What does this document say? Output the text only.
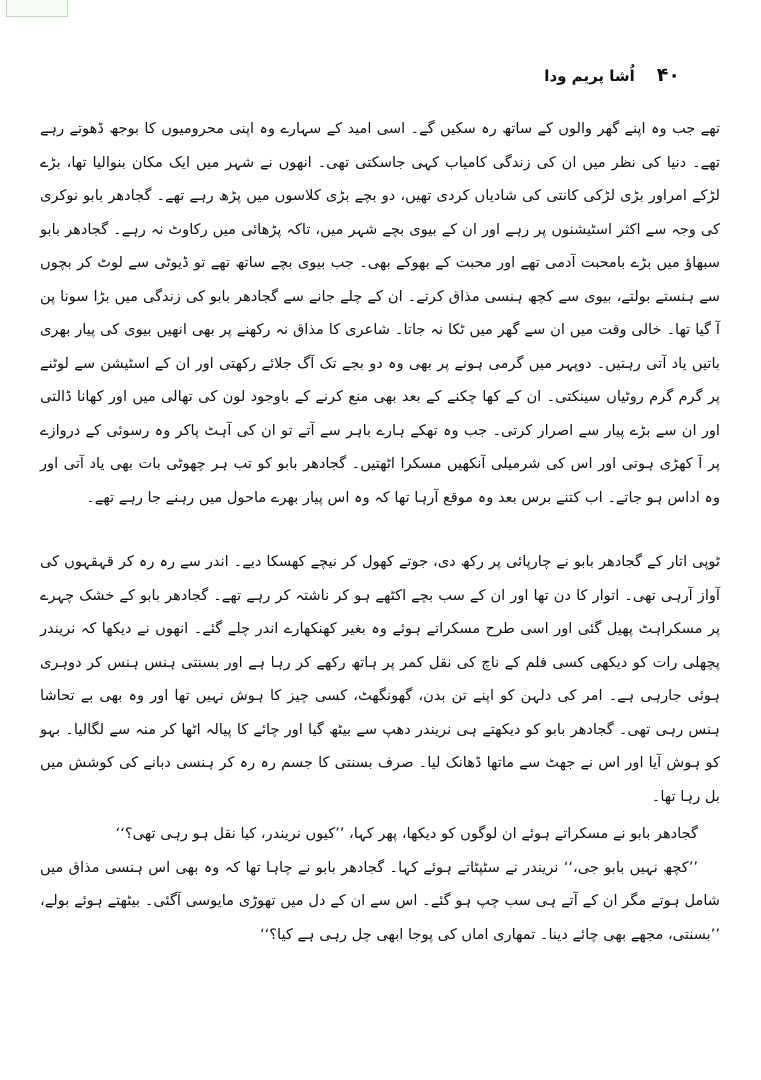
۴۰
اُشا پریم ودا

تھے جب وہ اپنے گھر والوں کے ساتھ رہ سکیں گے۔ اسی امید کے سہارے وہ اپنی محرومیوں کا بوجھ ڈھوتے رہے تھے۔ دنیا کی نظر میں ان کی زندگی کامیاب کہی جاسکتی تھی۔ انھوں نے شہر میں ایک مکان بنوالیا تھا، بڑے لڑکے امراور بڑی لڑکی کانتی کی شادیاں کردی تھیں، دو بچے بڑی کلاسوں میں پڑھ رہے تھے۔ گجادھر بابو نوکری کی وجہ سے اکثر اسٹیشنوں پر رہے اور ان کے بیوی بچے شہر میں، تاکہ پڑھائی میں رکاوٹ نہ رہے۔ گجادھر بابو سبھاؤ میں بڑے بامحبت آدمی تھے اور محبت کے بھوکے بھی۔ جب بیوی بچے ساتھ تھے تو ڈیوٹی سے لوٹ کر بچوں سے ہنستے بولتے، بیوی سے کچھ ہنسی مذاق کرتے۔ ان کے چلے جانے سے گجادھر بابو کی زندگی میں بڑا سونا پن آ گیا تھا۔ خالی وقت میں ان سے گھر میں ٹکا نہ جاتا۔ شاعری کا مذاق نہ رکھنے پر بھی انھیں بیوی کی پیار بھری باتیں یاد آتی رہتیں۔ دوپہر میں گرمی ہونے پر بھی وہ دو بجے تک آگ جلائے رکھتی اور ان کے اسٹیشن سے لوٹنے پر گرم گرم روٹیاں سینکتی۔ ان کے کھا چکنے کے بعد بھی منع کرنے کے باوجود لون کی تھالی میں اور کھانا ڈالتی اور ان سے بڑے پیار سے اصرار کرتی۔ جب وہ تھکے ہارے باہر سے آتے تو ان کی آہٹ پاکر وہ رسوئی کے دروازے پر آ کھڑی ہوتی اور اس کی شرمیلی آنکھیں مسکرا اٹھتیں۔ گجادھر بابو کو تب ہر چھوٹی بات بھی یاد آتی اور وہ اداس ہو جاتے۔ اب کتنے برس بعد وہ موقع آرہا تھا کہ وہ اس پیار بھرے ماحول میں رہنے جا رہے تھے۔

ٹوپی اتار کے گجادھر بابو نے چارپائی پر رکھ دی، جوتے کھول کر نیچے کھسکا دیے۔ اندر سے رہ رہ کر قہقہوں کی آواز آرہی تھی۔ اتوار کا دن تھا اور ان کے سب بچے اکٹھے ہو کر ناشتہ کر رہے تھے۔ گجادھر بابو کے خشک چہرے پر مسکراہٹ پھیل گئی اور اسی طرح مسکراتے ہوئے وہ بغیر کھنکھارے اندر چلے گئے۔ انھوں نے دیکھا کہ نریندر پچھلی رات کو دیکھی کسی فلم کے ناچ کی نقل کمر پر ہاتھ رکھے کر رہا ہے اور بسنتی ہنس ہنس کر دوہری ہوئی جارہی ہے۔ امر کی دلہن کو اپنے تن بدن، گھونگھٹ، کسی چیز کا ہوش نہیں تھا اور وہ بھی بے تحاشا ہنس رہی تھی۔ گجادھر بابو کو دیکھتے ہی نریندر دھپ سے بیٹھ گیا اور چائے کا پیالہ اٹھا کر منہ سے لگالیا۔ بہو کو ہوش آیا اور اس نے جھٹ سے ماتھا ڈھانک لیا۔ صرف بسنتی کا جسم رہ رہ کر ہنسی دبانے کی کوشش میں بل رہا تھا۔

گجادھر بابو نے مسکراتے ہوئے ان لوگوں کو دیکھا، پھر کہا، ’’کیوں نریندر، کیا نقل ہو رہی تھی؟‘‘

’’کچھ نہیں بابو جی،‘‘ نریندر نے سٹپٹاتے ہوئے کہا۔ گجادھر بابو نے چاہا تھا کہ وہ بھی اس ہنسی مذاق میں شامل ہوتے مگر ان کے آتے ہی سب چپ ہو گئے۔ اس سے ان کے دل میں تھوڑی مایوسی آگئی۔ بیٹھتے ہوئے بولے، ’’بسنتی، مجھے بھی چائے دینا۔ تمھاری اماں کی پوجا ابھی چل رہی ہے کیا؟‘‘
